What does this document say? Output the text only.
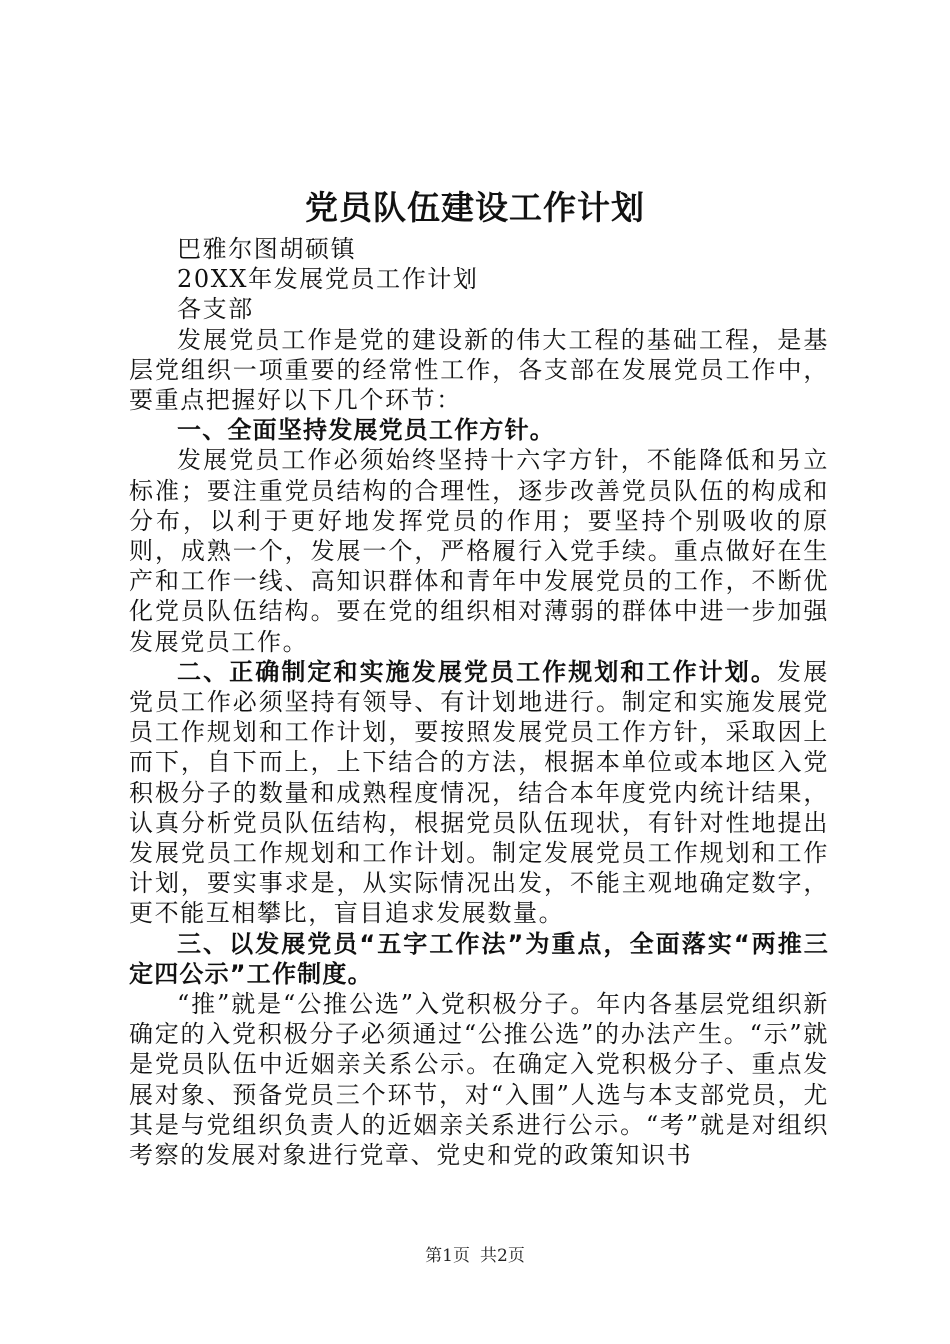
党员队伍建设工作计划

巴雅尔图胡硕镇

20XX年发展党员工作计划

各支部

发展党员工作是党的建设新的伟大工程的基础工程，是基层党组织一项重要的经常性工作，各支部在发展党员工作中，要重点把握好以下几个环节：

一、全面坚持发展党员工作方针。

发展党员工作必须始终坚持十六字方针，不能降低和另立标准；要注重党员结构的合理性，逐步改善党员队伍的构成和分布，以利于更好地发挥党员的作用；要坚持个别吸收的原则，成熟一个，发展一个，严格履行入党手续。重点做好在生产和工作一线、高知识群体和青年中发展党员的工作，不断优化党员队伍结构。要在党的组织相对薄弱的群体中进一步加强发展党员工作。

二、正确制定和实施发展党员工作规划和工作计划。发展党员工作必须坚持有领导、有计划地进行。制定和实施发展党员工作规划和工作计划，要按照发展党员工作方针，采取因上而下，自下而上，上下结合的方法，根据本单位或本地区入党积极分子的数量和成熟程度情况，结合本年度党内统计结果，认真分析党员队伍结构，根据党员队伍现状，有针对性地提出发展党员工作规划和工作计划。制定发展党员工作规划和工作计划，要实事求是，从实际情况出发，不能主观地确定数字，更不能互相攀比，盲目追求发展数量。

三、以发展党员“五字工作法”为重点，全面落实“两推三定四公示”工作制度。

“推”就是“公推公选”入党积极分子。年内各基层党组织新确定的入党积极分子必须通过“公推公选”的办法产生。“示”就是党员队伍中近姻亲关系公示。在确定入党积极分子、重点发展对象、预备党员三个环节，对“入围”人选与本支部党员，尤其是与党组织负责人的近姻亲关系进行公示。“考”就是对组织考察的发展对象进行党章、党史和党的政策知识书

第1页 共2页
